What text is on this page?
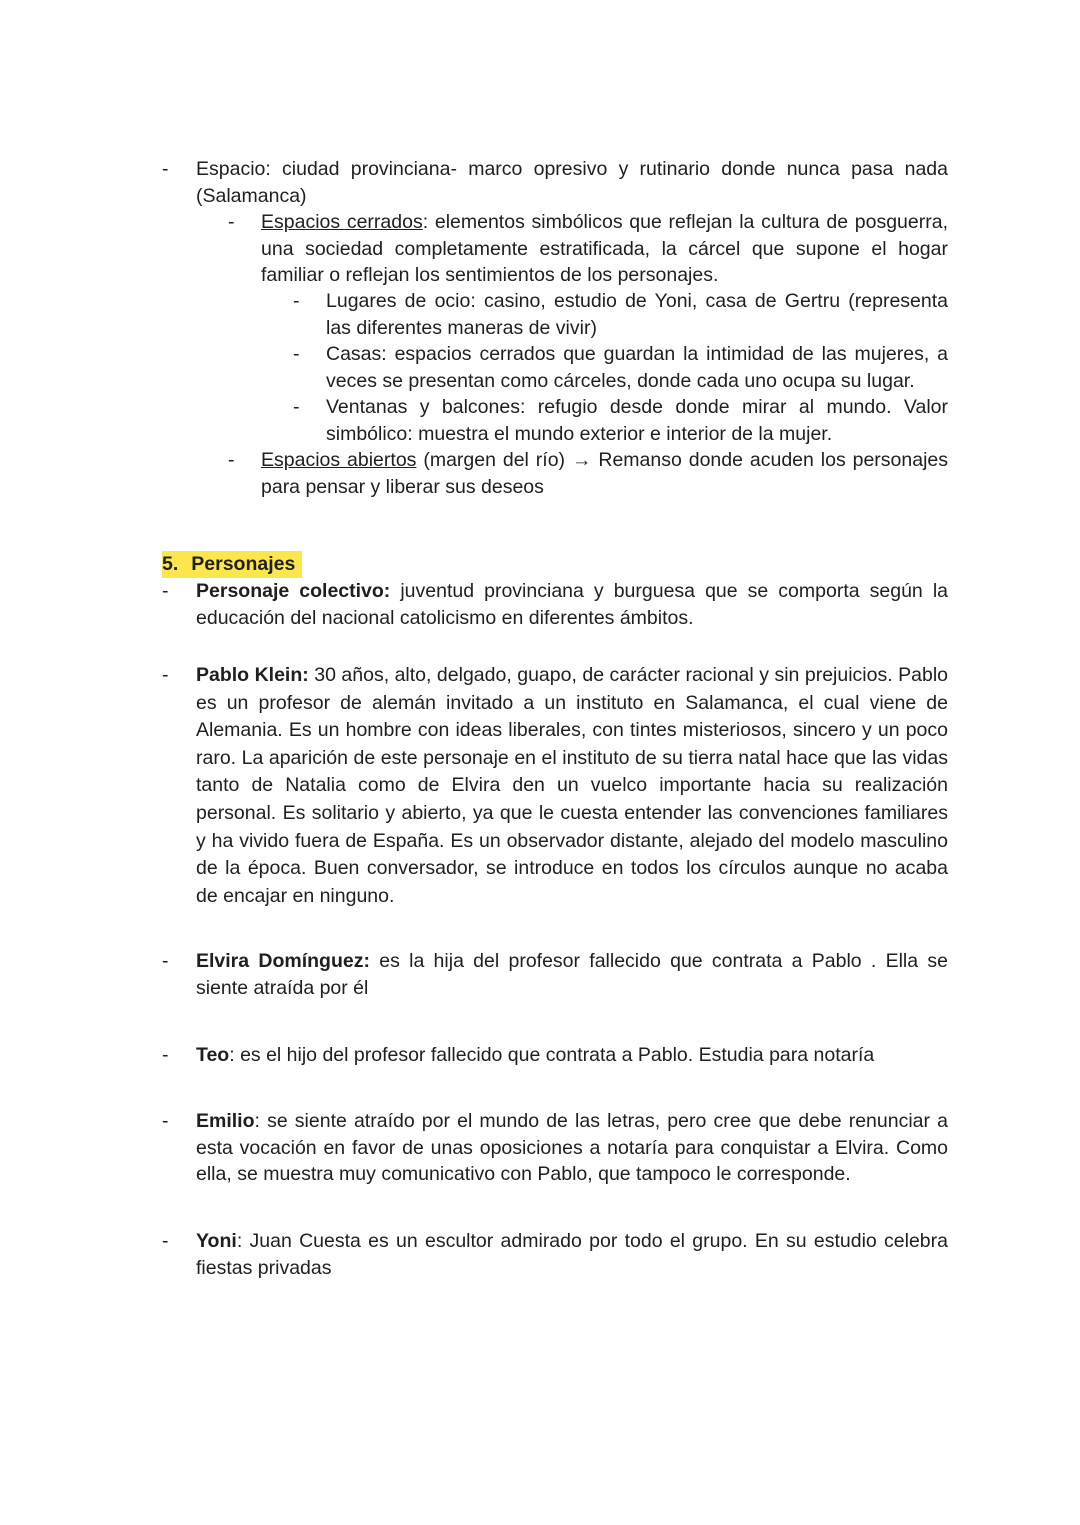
- Espacio: ciudad provinciana- marco opresivo y rutinario donde nunca pasa nada (Salamanca)
- Espacios cerrados: elementos simbólicos que reflejan la cultura de posguerra, una sociedad completamente estratificada, la cárcel que supone el hogar familiar o reflejan los sentimientos de los personajes.
- Lugares de ocio: casino, estudio de Yoni, casa de Gertru (representa las diferentes maneras de vivir)
- Casas: espacios cerrados que guardan la intimidad de las mujeres, a veces se presentan como cárceles, donde cada uno ocupa su lugar.
- Ventanas y balcones: refugio desde donde mirar al mundo. Valor simbólico: muestra el mundo exterior e interior de la mujer.
- Espacios abiertos (margen del río) → Remanso donde acuden los personajes para pensar y liberar sus deseos
5. Personajes
- Personaje colectivo: juventud provinciana y burguesa que se comporta según la educación del nacional catolicismo en diferentes ámbitos.
- Pablo Klein: 30 años, alto, delgado, guapo, de carácter racional y sin prejuicios. Pablo es un profesor de alemán invitado a un instituto en Salamanca, el cual viene de Alemania. Es un hombre con ideas liberales, con tintes misteriosos, sincero y un poco raro. La aparición de este personaje en el instituto de su tierra natal hace que las vidas tanto de Natalia como de Elvira den un vuelco importante hacia su realización personal. Es solitario y abierto, ya que le cuesta entender las convenciones familiares y ha vivido fuera de España. Es un observador distante, alejado del modelo masculino de la época. Buen conversador, se introduce en todos los círculos aunque no acaba de encajar en ninguno.
- Elvira Domínguez: es la hija del profesor fallecido que contrata a Pablo . Ella se siente atraída por él
- Teo: es el hijo del profesor fallecido que contrata a Pablo. Estudia para notaría
- Emilio: se siente atraído por el mundo de las letras, pero cree que debe renunciar a esta vocación en favor de unas oposiciones a notaría para conquistar a Elvira. Como ella, se muestra muy comunicativo con Pablo, que tampoco le corresponde.
- Yoni: Juan Cuesta es un escultor admirado por todo el grupo. En su estudio celebra fiestas privadas
